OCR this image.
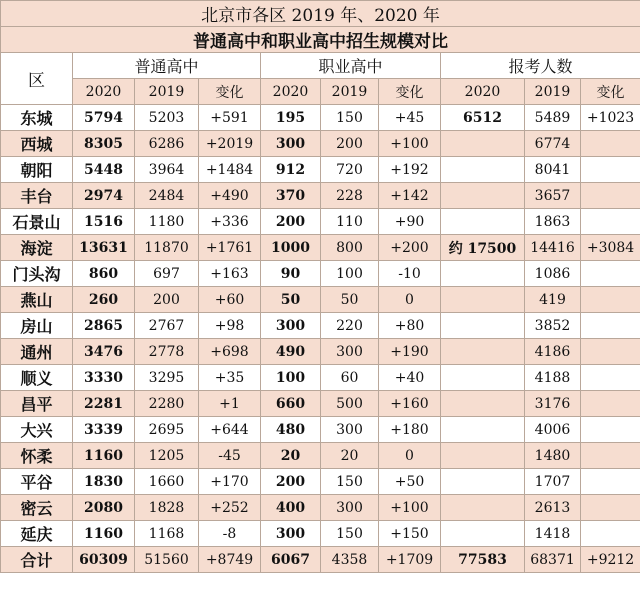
北京市各区 2019 年、2020 年									
普通高中和职业高中招生规模对比									
区	普通高中			职业高中			报考人数		
	2020	2019	变化	2020	2019	变化	2020	2019	变化
东城	5794	5203	+591	195	150	+45	6512	5489	+1023
西城	8305	6286	+2019	300	200	+100		6774	
朝阳	5448	3964	+1484	912	720	+192		8041	
丰台	2974	2484	+490	370	228	+142		3657	
石景山	1516	1180	+336	200	110	+90		1863	
海淀	13631	11870	+1761	1000	800	+200	约 17500	14416	+3084
门头沟	860	697	+163	90	100	-10		1086	
燕山	260	200	+60	50	50	0		419	
房山	2865	2767	+98	300	220	+80		3852	
通州	3476	2778	+698	490	300	+190		4186	
顺义	3330	3295	+35	100	60	+40		4188	
昌平	2281	2280	+1	660	500	+160		3176	
大兴	3339	2695	+644	480	300	+180		4006	
怀柔	1160	1205	-45	20	20	0		1480	
平谷	1830	1660	+170	200	150	+50		1707	
密云	2080	1828	+252	400	300	+100		2613	
延庆	1160	1168	-8	300	150	+150		1418	
合计	60309	51560	+8749	6067	4358	+1709	77583	68371	+9212
